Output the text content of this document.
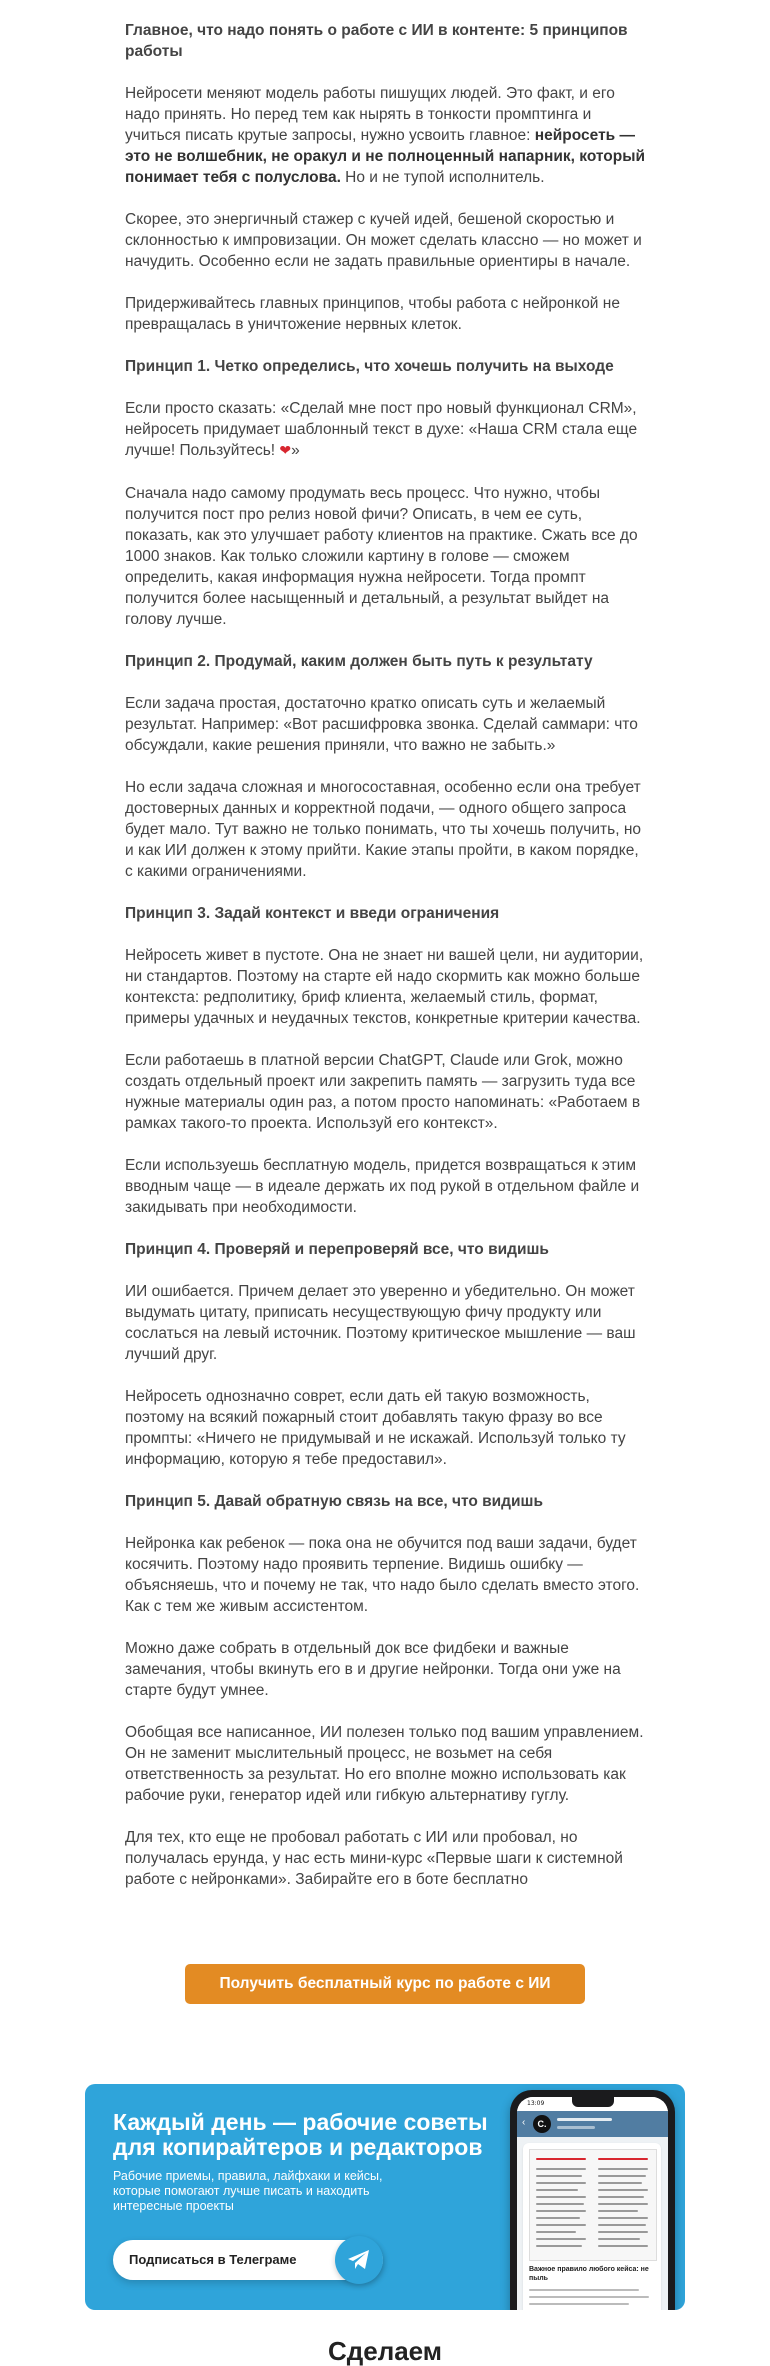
Главное, что надо понять о работе с ИИ в контенте: 5 принципов работы

Нейросети меняют модель работы пишущих людей. Это факт, и его надо принять. Но перед тем как нырять в тонкости промптинга и учиться писать крутые запросы, нужно усвоить главное: нейросеть — это не волшебник, не оракул и не полноценный напарник, который понимает тебя с полуслова. Но и не тупой исполнитель.

Скорее, это энергичный стажер с кучей идей, бешеной скоростью и склонностью к импровизации. Он может сделать классно — но может и начудить. Особенно если не задать правильные ориентиры в начале.

Придерживайтесь главных принципов, чтобы работа с нейронкой не превращалась в уничтожение нервных клеток.

Принцип 1. Четко определись, что хочешь получить на выходе

Если просто сказать: «Сделай мне пост про новый функционал CRM», нейросеть придумает шаблонный текст в духе: «Наша CRM стала еще лучше! Пользуйтесь! ❤»

Сначала надо самому продумать весь процесс. Что нужно, чтобы получится пост про релиз новой фичи? Описать, в чем ее суть, показать, как это улучшает работу клиентов на практике. Сжать все до 1000 знаков. Как только сложили картину в голове — сможем определить, какая информация нужна нейросети. Тогда промпт получится более насыщенный и детальный, а результат выйдет на голову лучше.

Принцип 2. Продумай, каким должен быть путь к результату

Если задача простая, достаточно кратко описать суть и желаемый результат. Например: «Вот расшифровка звонка. Сделай саммари: что обсуждали, какие решения приняли, что важно не забыть.»

Но если задача сложная и многосоставная, особенно если она требует достоверных данных и корректной подачи, — одного общего запроса будет мало. Тут важно не только понимать, что ты хочешь получить, но и как ИИ должен к этому прийти. Какие этапы пройти, в каком порядке, с какими ограничениями.

Принцип 3. Задай контекст и введи ограничения

Нейросеть живет в пустоте. Она не знает ни вашей цели, ни аудитории, ни стандартов. Поэтому на старте ей надо скормить как можно больше контекста: редполитику, бриф клиента, желаемый стиль, формат, примеры удачных и неудачных текстов, конкретные критерии качества.

Если работаешь в платной версии ChatGPT, Claude или Grok, можно создать отдельный проект или закрепить память — загрузить туда все нужные материалы один раз, а потом просто напоминать: «Работаем в рамках такого-то проекта. Используй его контекст».

Если используешь бесплатную модель, придется возвращаться к этим вводным чаще — в идеале держать их под рукой в отдельном файле и закидывать при необходимости.

Принцип 4. Проверяй и перепроверяй все, что видишь

ИИ ошибается. Причем делает это уверенно и убедительно. Он может выдумать цитату, приписать несуществующую фичу продукту или сослаться на левый источник. Поэтому критическое мышление — ваш лучший друг.

Нейросеть однозначно соврет, если дать ей такую возможность, поэтому на всякий пожарный стоит добавлять такую фразу во все промпты: «Ничего не придумывай и не искажай. Используй только ту информацию, которую я тебе предоставил».

Принцип 5. Давай обратную связь на все, что видишь

Нейронка как ребенок — пока она не обучится под ваши задачи, будет косячить. Поэтому надо проявить терпение. Видишь ошибку — объясняешь, что и почему не так, что надо было сделать вместо этого. Как с тем же живым ассистентом.

Можно даже собрать в отдельный док все фидбеки и важные замечания, чтобы вкинуть его в и другие нейронки. Тогда они уже на старте будут умнее.

Обобщая все написанное, ИИ полезен только под вашим управлением. Он не заменит мыслительный процесс, не возьмет на себя ответственность за результат. Но его вполне можно использовать как рабочие руки, генератор идей или гибкую альтернативу гуглу.

Для тех, кто еще не пробовал работать с ИИ или пробовал, но получалась ерунда, у нас есть мини-курс «Первые шаги к системной работе с нейронками». Забирайте его в боте бесплатно

Получить бесплатный курс по работе с ИИ
Каждый день — рабочие советы для копирайтеров и редакторов
Рабочие приемы, правила, лайфхаки и кейсы, которые помогают лучше писать и находить интересные проекты
Подписаться в Телеграме
13:09
‹	C.
Важное правило любого кейса: не пыль
Сделаем
